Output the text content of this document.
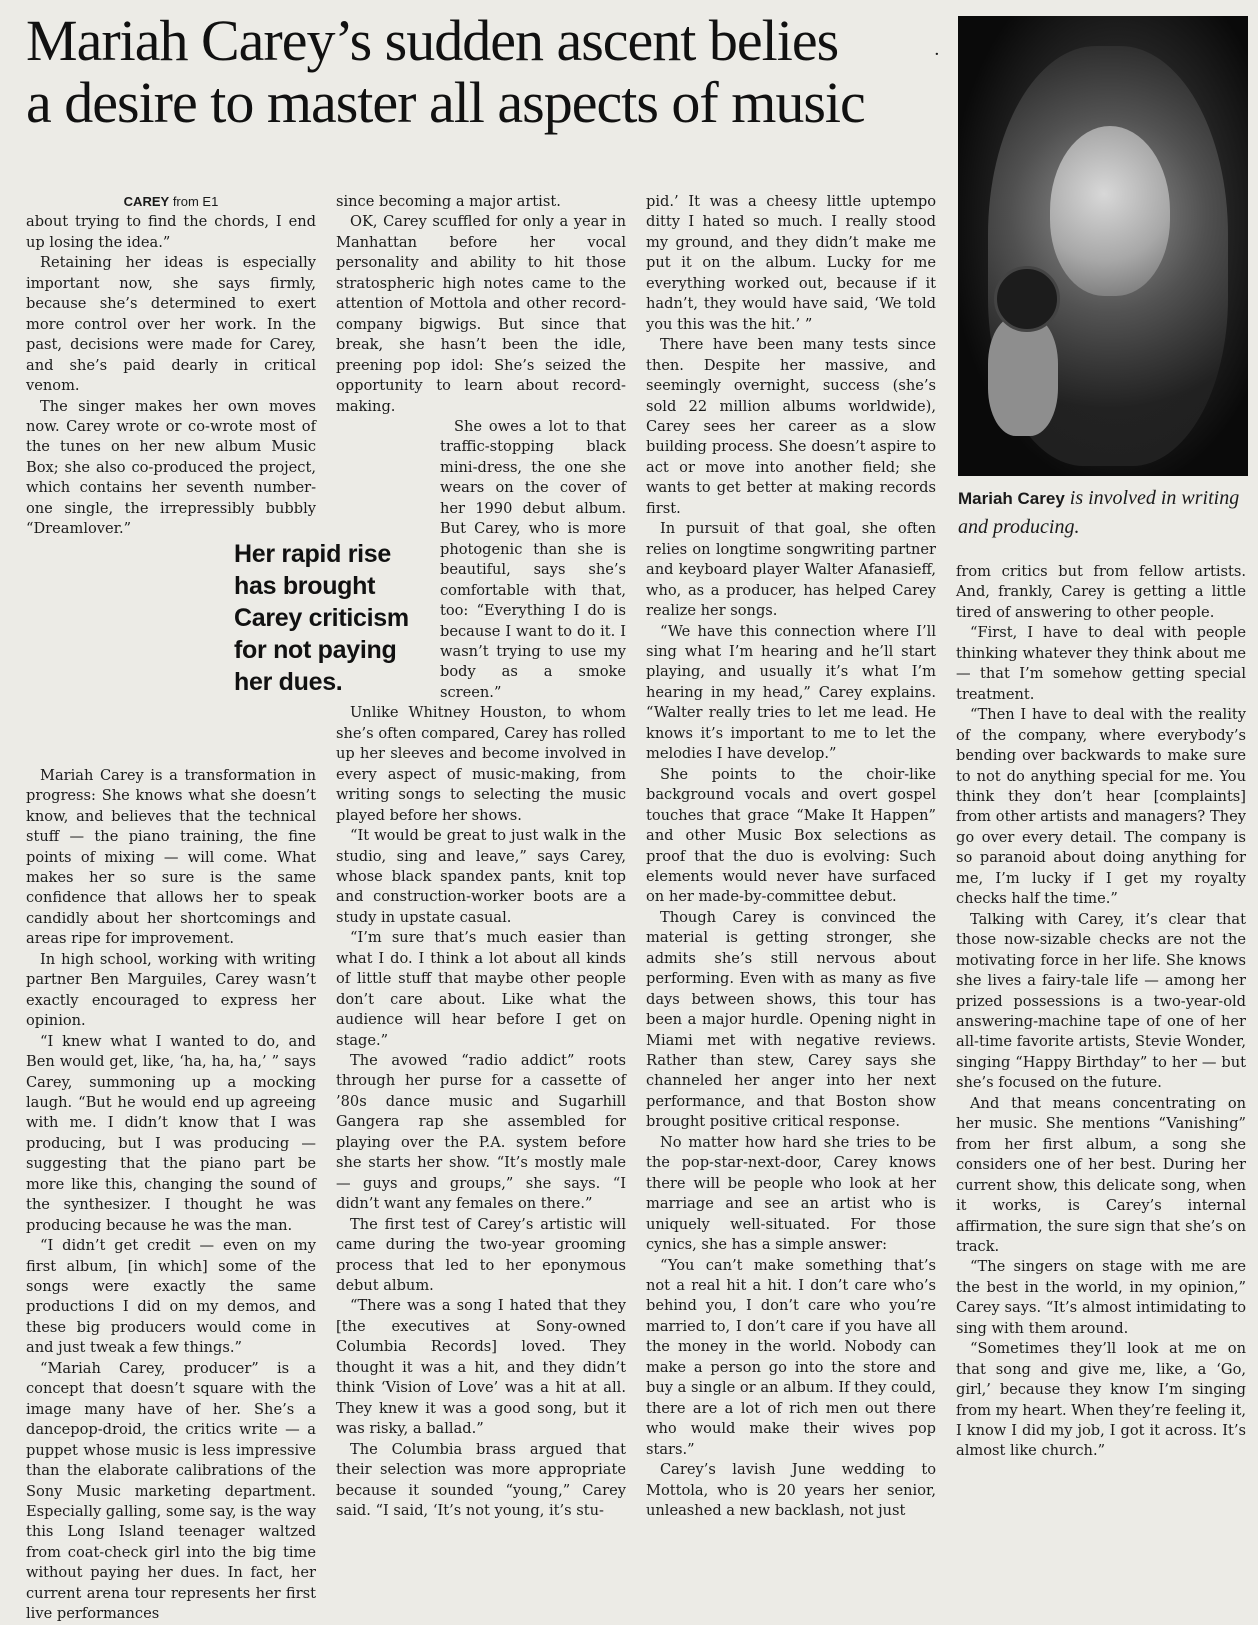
Mariah Carey’s sudden ascent belies
a desire to master all aspects of music
·

Mariah Carey is involved in writing and producing.

CAREY from E1

about trying to find the chords, I end up losing the idea.”

Retaining her ideas is especially important now, she says firmly, because she’s determined to exert more control over her work. In the past, decisions were made for Carey, and she’s paid dearly in critical venom.

The singer makes her own moves now. Carey wrote or co-wrote most of the tunes on her new album Music Box; she also co-produced the project, which contains her seventh number-one single, the irrepressibly bubbly “Dreamlover.”

Mariah Carey is a transformation in progress: She knows what she doesn’t know, and believes that the technical stuff — the piano training, the fine points of mixing — will come. What makes her so sure is the same confidence that allows her to speak candidly about her shortcomings and areas ripe for improvement.

In high school, working with writing partner Ben Marguiles, Carey wasn’t exactly encouraged to express her opinion.

“I knew what I wanted to do, and Ben would get, like, ‘ha, ha, ha,’ ” says Carey, summoning up a mocking laugh. “But he would end up agreeing with me. I didn’t know that I was producing, but I was producing — suggesting that the piano part be more like this, changing the sound of the synthesizer. I thought he was producing because he was the man.

“I didn’t get credit — even on my first album, [in which] some of the songs were exactly the same productions I did on my demos, and these big producers would come in and just tweak a few things.”

“Mariah Carey, producer” is a concept that doesn’t square with the image many have of her. She’s a dancepop-droid, the critics write — a puppet whose music is less impressive than the elaborate calibrations of the Sony Music marketing department. Especially galling, some say, is the way this Long Island teenager waltzed from coat-check girl into the big time without paying her dues. In fact, her current arena tour represents her first live performances

since becoming a major artist.

OK, Carey scuffled for only a year in Manhattan before her vocal personality and ability to hit those stratospheric high notes came to the attention of Mottola and other record-company bigwigs. But since that break, she hasn’t been the idle, preening pop idol: She’s seized the opportunity to learn about record-making.

She owes a lot to that traffic-stopping black mini-dress, the one she wears on the cover of her 1990 debut album. But Carey, who is more photogenic than she is beautiful, says she’s comfortable with that, too: “Everything I do is because I want to do it. I wasn’t trying to use my body as a smoke screen.”

Unlike Whitney Houston, to whom she’s often compared, Carey has rolled up her sleeves and become involved in every aspect of music-making, from writing songs to selecting the music played before her shows.

“It would be great to just walk in the studio, sing and leave,” says Carey, whose black spandex pants, knit top and construction-worker boots are a study in upstate casual.

“I’m sure that’s much easier than what I do. I think a lot about all kinds of little stuff that maybe other people don’t care about. Like what the audience will hear before I get on stage.”

The avowed “radio addict” roots through her purse for a cassette of ’80s dance music and Sugarhill Gangera rap she assembled for playing over the P.A. system before she starts her show. “It’s mostly male — guys and groups,” she says. “I didn’t want any females on there.”

The first test of Carey’s artistic will came during the two-year grooming process that led to her eponymous debut album.

“There was a song I hated that they [the executives at Sony-owned Columbia Records] loved. They thought it was a hit, and they didn’t think ‘Vision of Love’ was a hit at all. They knew it was a good song, but it was risky, a ballad.”

The Columbia brass argued that their selection was more appropriate because it sounded “young,” Carey said. “I said, ‘It’s not young, it’s stu-

pid.’ It was a cheesy little uptempo ditty I hated so much. I really stood my ground, and they didn’t make me put it on the album. Lucky for me everything worked out, because if it hadn’t, they would have said, ‘We told you this was the hit.’ ”

There have been many tests since then. Despite her massive, and seemingly overnight, success (she’s sold 22 million albums worldwide), Carey sees her career as a slow building process. She doesn’t aspire to act or move into another field; she wants to get better at making records first.

In pursuit of that goal, she often relies on longtime songwriting partner and keyboard player Walter Afanasieff, who, as a producer, has helped Carey realize her songs.

“We have this connection where I’ll sing what I’m hearing and he’ll start playing, and usually it’s what I’m hearing in my head,” Carey explains. “Walter really tries to let me lead. He knows it’s important to me to let the melodies I have develop.”

She points to the choir-like background vocals and overt gospel touches that grace “Make It Happen” and other Music Box selections as proof that the duo is evolving: Such elements would never have surfaced on her made-by-committee debut.

Though Carey is convinced the material is getting stronger, she admits she’s still nervous about performing. Even with as many as five days between shows, this tour has been a major hurdle. Opening night in Miami met with negative reviews. Rather than stew, Carey says she channeled her anger into her next performance, and that Boston show brought positive critical response.

No matter how hard she tries to be the pop-star-next-door, Carey knows there will be people who look at her marriage and see an artist who is uniquely well-situated. For those cynics, she has a simple answer:

“You can’t make something that’s not a real hit a hit. I don’t care who’s behind you, I don’t care who you’re married to, I don’t care if you have all the money in the world. Nobody can make a person go into the store and buy a single or an album. If they could, there are a lot of rich men out there who would make their wives pop stars.”

Carey’s lavish June wedding to Mottola, who is 20 years her senior, unleashed a new backlash, not just

from critics but from fellow artists. And, frankly, Carey is getting a little tired of answering to other people.

“First, I have to deal with people thinking whatever they think about me — that I’m somehow getting special treatment.

“Then I have to deal with the reality of the company, where everybody’s bending over backwards to make sure to not do anything special for me. You think they don’t hear [complaints] from other artists and managers? They go over every detail. The company is so paranoid about doing anything for me, I’m lucky if I get my royalty checks half the time.”

Talking with Carey, it’s clear that those now-sizable checks are not the motivating force in her life. She knows she lives a fairy-tale life — among her prized possessions is a two-year-old answering-machine tape of one of her all-time favorite artists, Stevie Wonder, singing “Happy Birthday” to her — but she’s focused on the future.

And that means concentrating on her music. She mentions “Vanishing” from her first album, a song she considers one of her best. During her current show, this delicate song, when it works, is Carey’s internal affirmation, the sure sign that she’s on track.

“The singers on stage with me are the best in the world, in my opinion,” Carey says. “It’s almost intimidating to sing with them around.

“Sometimes they’ll look at me on that song and give me, like, a ‘Go, girl,’ because they know I’m singing from my heart. When they’re feeling it, I know I did my job, I got it across. It’s almost like church.”

Her rapid rise has brought Carey criticism for not paying her dues.
